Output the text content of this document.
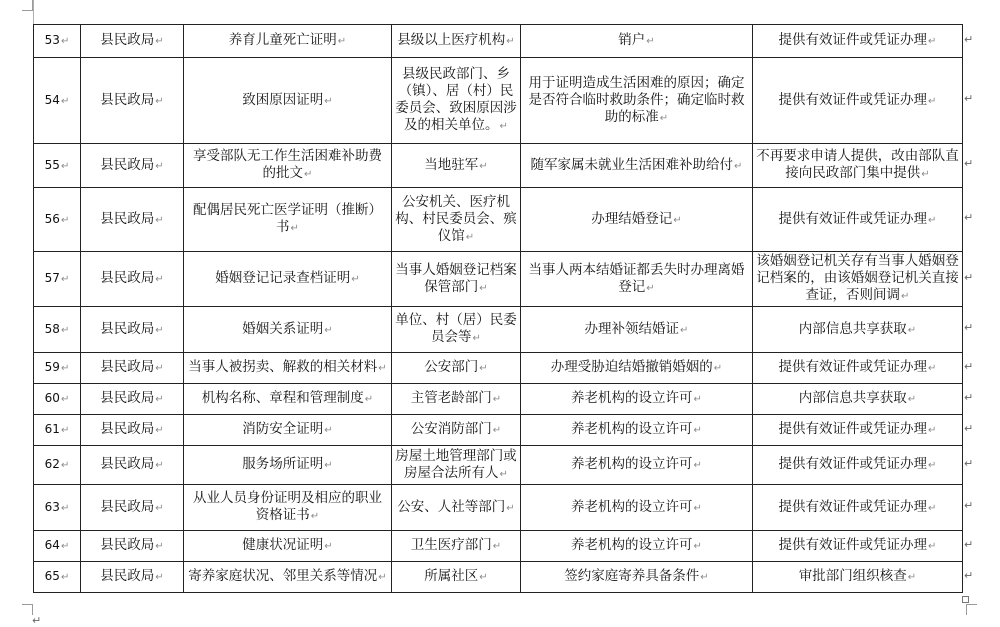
53↵	县民政局↵	养育儿童死亡证明↵	县级以上医疗机构↵	销户↵	提供有效证件或凭证办理↵
54↵	县民政局↵	致困原因证明↵	县级民政部门、乡（镇）、居（村）民委员会、致困原因涉及的相关单位。↵	用于证明造成生活困难的原因；确定是否符合临时救助条件；确定临时救助的标准↵	提供有效证件或凭证办理↵
55↵	县民政局↵	享受部队无工作生活困难补助费的批文↵	当地驻军↵	随军家属未就业生活困难补助给付↵	不再要求申请人提供，改由部队直接向民政部门集中提供↵
56↵	县民政局↵	配偶居民死亡医学证明（推断）书↵	公安机关、医疗机构、村民委员会、殡仪馆↵	办理结婚登记↵	提供有效证件或凭证办理↵
57↵	县民政局↵	婚姻登记记录查档证明↵	当事人婚姻登记档案保管部门↵	当事人两本结婚证都丢失时办理离婚登记↵	该婚姻登记机关存有当事人婚姻登记档案的，由该婚姻登记机关直接查证，否则间调↵
58↵	县民政局↵	婚姻关系证明↵	单位、村（居）民委员会等↵	办理补领结婚证↵	内部信息共享获取↵
59↵	县民政局↵	当事人被拐卖、解救的相关材料↵	公安部门↵	办理受胁迫结婚撤销婚姻的↵	提供有效证件或凭证办理↵
60↵	县民政局↵	机构名称、章程和管理制度↵	主管老龄部门↵	养老机构的设立许可↵	内部信息共享获取↵
61↵	县民政局↵	消防安全证明↵	公安消防部门↵	养老机构的设立许可↵	提供有效证件或凭证办理↵
62↵	县民政局↵	服务场所证明↵	房屋土地管理部门或房屋合法所有人↵	养老机构的设立许可↵	提供有效证件或凭证办理↵
63↵	县民政局↵	从业人员身份证明及相应的职业资格证书↵	公安、人社等部门↵	养老机构的设立许可↵	提供有效证件或凭证办理↵
64↵	县民政局↵	健康状况证明↵	卫生医疗部门↵	养老机构的设立许可↵	提供有效证件或凭证办理↵
65↵	县民政局↵	寄养家庭状况、邻里关系等情况↵	所属社区↵	签约家庭寄养具备条件↵	审批部门组织核查↵
↵
↵
↵
↵
↵
↵
↵
↵
↵
↵
↵
↵
↵
↵
